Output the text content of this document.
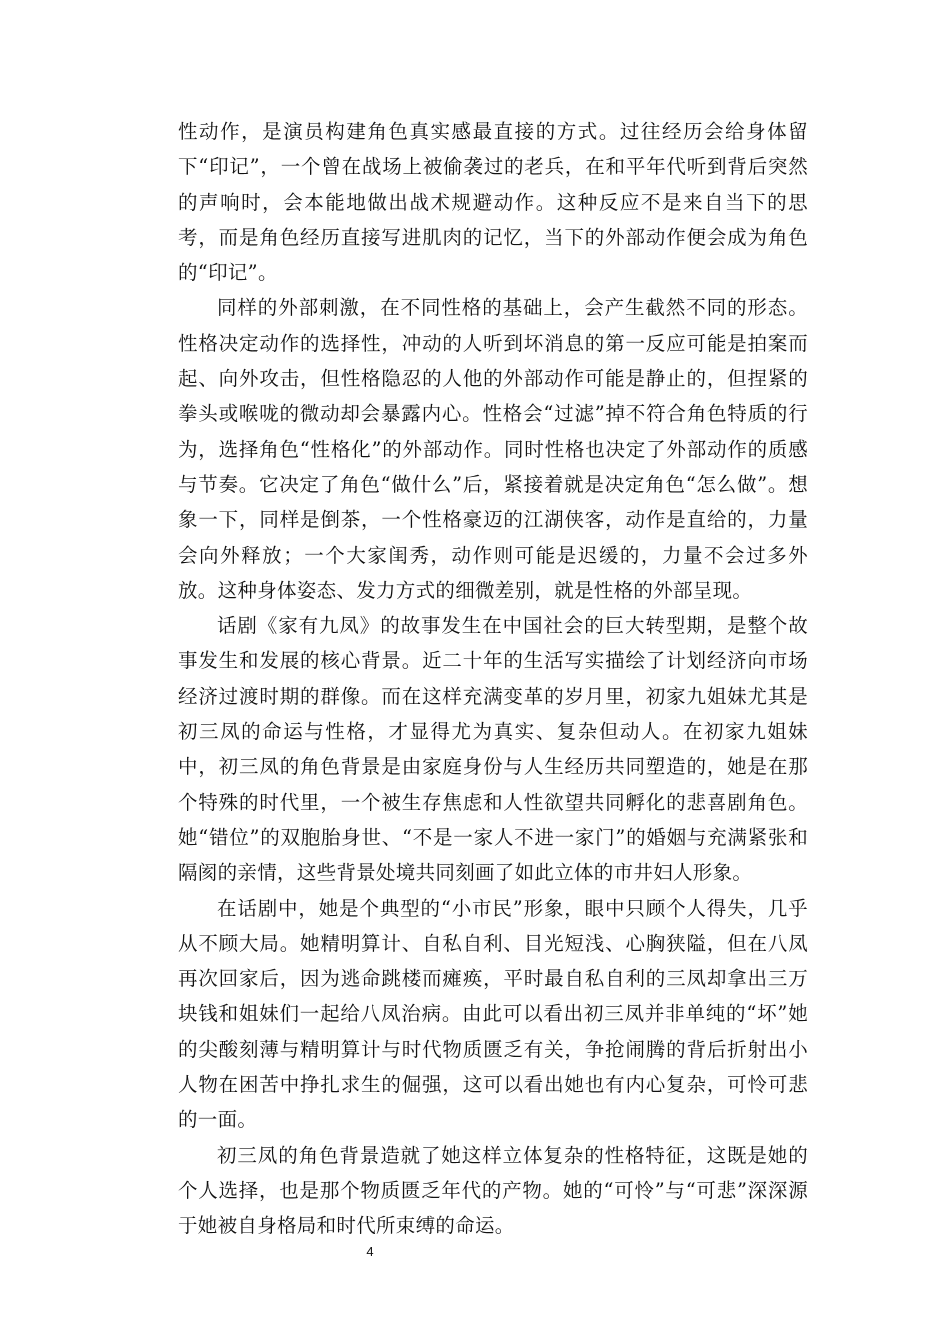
性动作，是演员构建角色真实感最直接的方式。过往经历会给身体留下“印记”，一个曾在战场上被偷袭过的老兵，在和平年代听到背后突然的声响时，会本能地做出战术规避动作。这种反应不是来自当下的思考，而是角色经历直接写进肌肉的记忆，当下的外部动作便会成为角色的“印记”。

同样的外部刺激，在不同性格的基础上，会产生截然不同的形态。性格决定动作的选择性，冲动的人听到坏消息的第一反应可能是拍案而起、向外攻击，但性格隐忍的人他的外部动作可能是静止的，但捏紧的拳头或喉咙的微动却会暴露内心。性格会“过滤”掉不符合角色特质的行为，选择角色“性格化”的外部动作。同时性格也决定了外部动作的质感与节奏。它决定了角色“做什么”后，紧接着就是决定角色“怎么做”。想象一下，同样是倒茶，一个性格豪迈的江湖侠客，动作是直给的，力量会向外释放；一个大家闺秀，动作则可能是迟缓的，力量不会过多外放。这种身体姿态、发力方式的细微差别，就是性格的外部呈现。

话剧《家有九凤》的故事发生在中国社会的巨大转型期，是整个故事发生和发展的核心背景。近二十年的生活写实描绘了计划经济向市场经济过渡时期的群像。而在这样充满变革的岁月里，初家九姐妹尤其是初三凤的命运与性格，才显得尤为真实、复杂但动人。在初家九姐妹中，初三凤的角色背景是由家庭身份与人生经历共同塑造的，她是在那个特殊的时代里，一个被生存焦虑和人性欲望共同孵化的悲喜剧角色。她“错位”的双胞胎身世、“不是一家人不进一家门”的婚姻与充满紧张和隔阂的亲情，这些背景处境共同刻画了如此立体的市井妇人形象。

在话剧中，她是个典型的“小市民”形象，眼中只顾个人得失，几乎从不顾大局。她精明算计、自私自利、目光短浅、心胸狭隘，但在八凤再次回家后，因为逃命跳楼而瘫痪，平时最自私自利的三凤却拿出三万块钱和姐妹们一起给八凤治病。由此可以看出初三凤并非单纯的“坏”她的尖酸刻薄与精明算计与时代物质匮乏有关，争抢闹腾的背后折射出小人物在困苦中挣扎求生的倔强，这可以看出她也有内心复杂，可怜可悲的一面。

初三凤的角色背景造就了她这样立体复杂的性格特征，这既是她的个人选择，也是那个物质匮乏年代的产物。她的“可怜”与“可悲”深深源于她被自身格局和时代所束缚的命运。

4
